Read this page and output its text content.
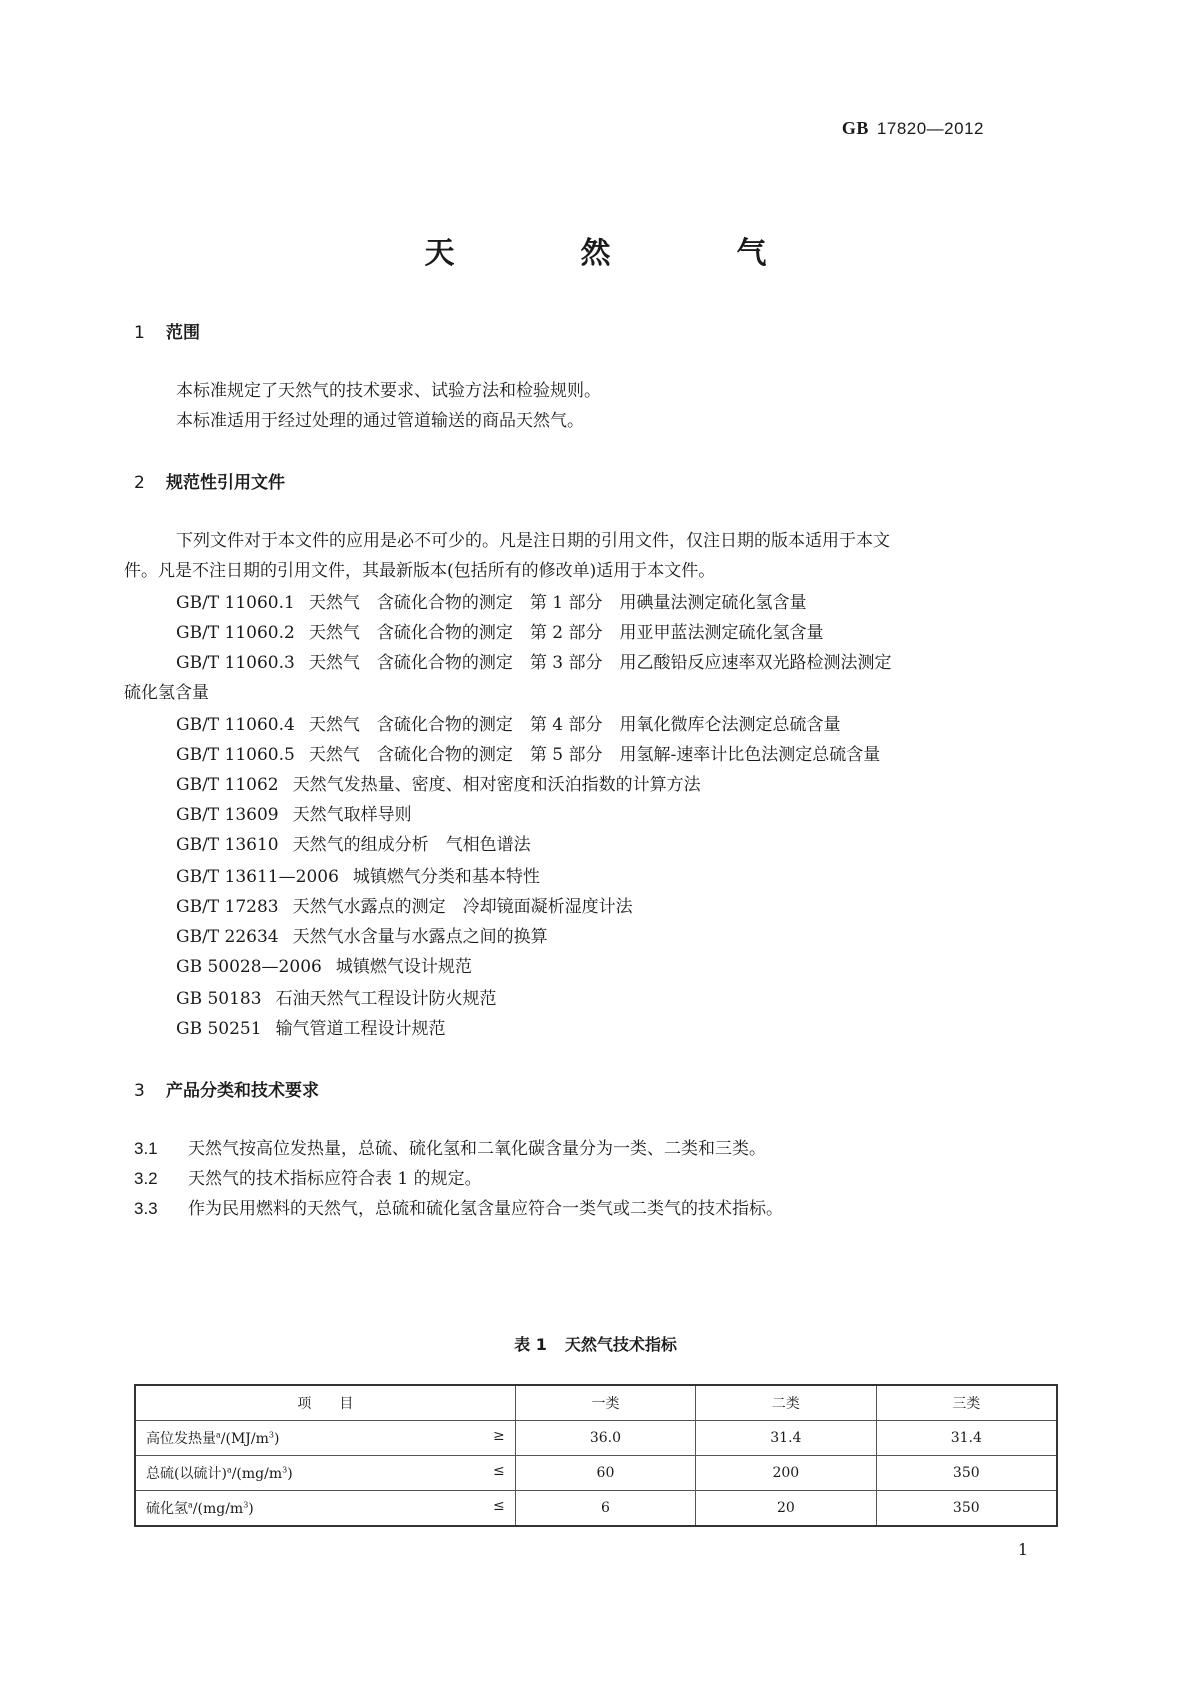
GB 17820—2012
天　然　气
1 范围
本标准规定了天然气的技术要求、试验方法和检验规则。
本标准适用于经过处理的通过管道输送的商品天然气。
2 规范性引用文件
下列文件对于本文件的应用是必不可少的。凡是注日期的引用文件，仅注日期的版本适用于本文
件。凡是不注日期的引用文件，其最新版本(包括所有的修改单)适用于本文件。
GB/T 11060.1 天然气　含硫化合物的测定　第 1 部分　用碘量法测定硫化氢含量
GB/T 11060.2 天然气　含硫化合物的测定　第 2 部分　用亚甲蓝法测定硫化氢含量
GB/T 11060.3 天然气　含硫化合物的测定　第 3 部分　用乙酸铅反应速率双光路检测法测定
硫化氢含量
GB/T 11060.4 天然气　含硫化合物的测定　第 4 部分　用氧化微库仑法测定总硫含量
GB/T 11060.5 天然气　含硫化合物的测定　第 5 部分　用氢解-速率计比色法测定总硫含量
GB/T 11062 天然气发热量、密度、相对密度和沃泊指数的计算方法
GB/T 13609 天然气取样导则
GB/T 13610 天然气的组成分析　气相色谱法
GB/T 13611—2006 城镇燃气分类和基本特性
GB/T 17283 天然气水露点的测定　冷却镜面凝析湿度计法
GB/T 22634 天然气水含量与水露点之间的换算
GB 50028—2006 城镇燃气设计规范
GB 50183 石油天然气工程设计防火规范
GB 50251 输气管道工程设计规范
3 产品分类和技术要求
3.1 天然气按高位发热量，总硫、硫化氢和二氧化碳含量分为一类、二类和三类。
3.2 天然气的技术指标应符合表 1 的规定。
3.3 作为民用燃料的天然气，总硫和硫化氢含量应符合一类气或二类气的技术指标。
表 1 天然气技术指标
项　　目	一类	二类	三类
高位发热量$^a/(MJ/m^3)$ ≥	36.0	31.4	31.4
总硫(以硫计)$^a/(mg/m^3)$ ≤	60	200	350
硫化氢$^a/(mg/m^3)$ ≤	6	20	350
1
